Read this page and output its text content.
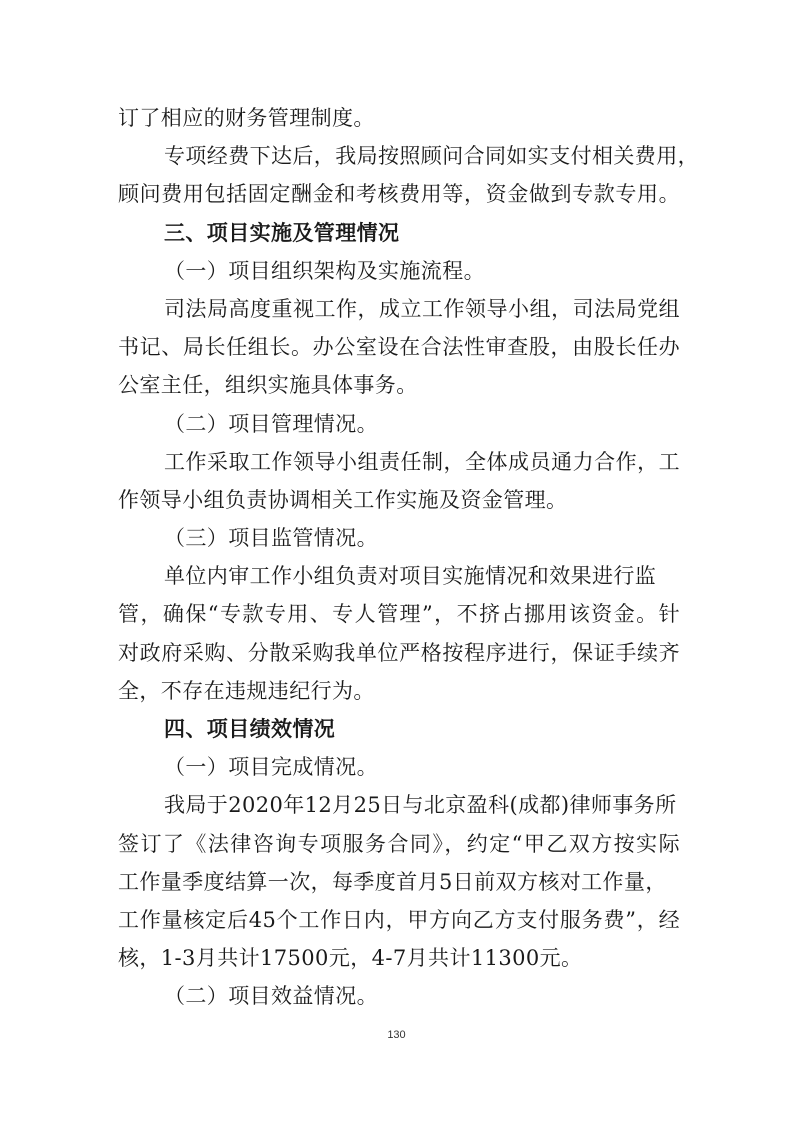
订了相应的财务管理制度。
专项经费下达后，我局按照顾问合同如实支付相关费用，
顾问费用包括固定酬金和考核费用等，资金做到专款专用。
三、项目实施及管理情况
（一）项目组织架构及实施流程。
司法局高度重视工作，成立工作领导小组，司法局党组
书记、局长任组长。办公室设在合法性审查股，由股长任办
公室主任，组织实施具体事务。
（二）项目管理情况。
工作采取工作领导小组责任制，全体成员通力合作，工
作领导小组负责协调相关工作实施及资金管理。
（三）项目监管情况。
单位内审工作小组负责对项目实施情况和效果进行监
管，确保“专款专用、专人管理”，不挤占挪用该资金。针
对政府采购、分散采购我单位严格按程序进行，保证手续齐
全，不存在违规违纪行为。
四、项目绩效情况
（一）项目完成情况。
我局于2020年12月25日与北京盈科(成都)律师事务所
签订了《法律咨询专项服务合同》，约定“甲乙双方按实际
工作量季度结算一次，每季度首月5日前双方核对工作量，
工作量核定后45个工作日内，甲方向乙方支付服务费”，经
核，1-3月共计17500元，4-7月共计11300元。
（二）项目效益情况。
130
